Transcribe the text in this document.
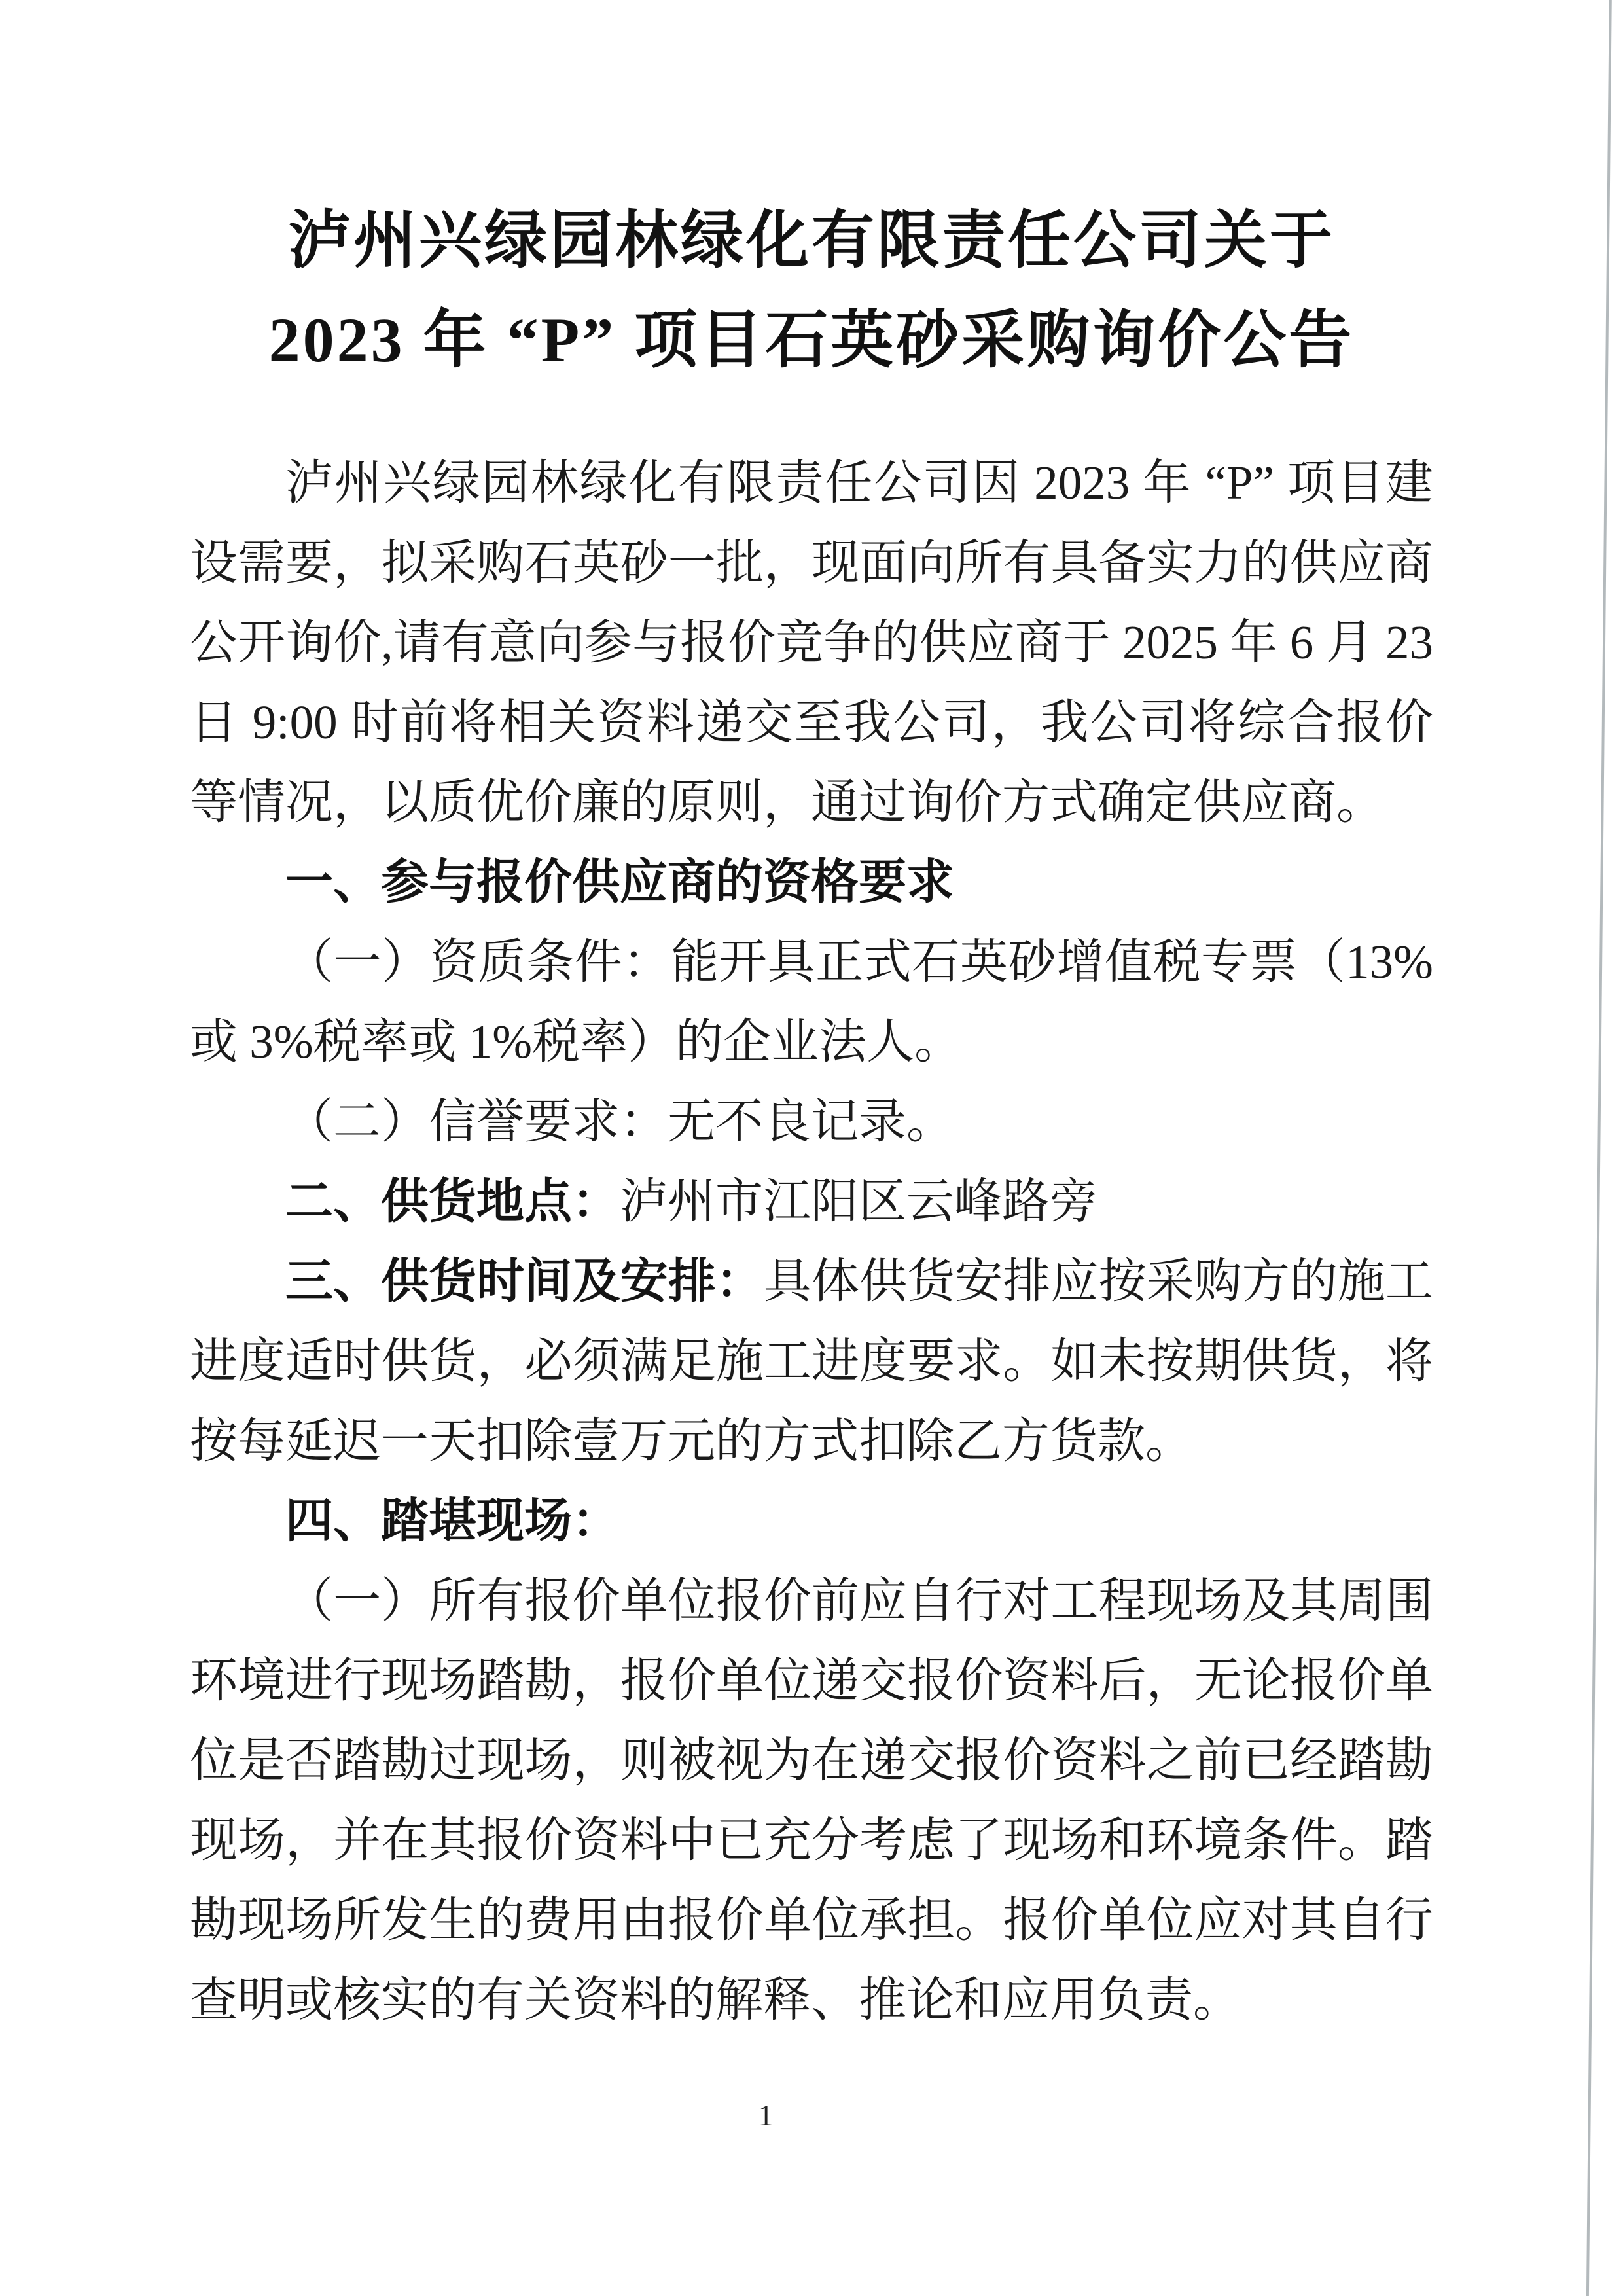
泸州兴绿园林绿化有限责任公司关于
2023 年 “P” 项目石英砂采购询价公告

泸州兴绿园林绿化有限责任公司因 2023 年 “P” 项目建设需要，拟采购石英砂一批，现面向所有具备实力的供应商公开询价,请有意向参与报价竞争的供应商于 2025 年 6 月 23 日 9:00 时前将相关资料递交至我公司，我公司将综合报价等情况，以质优价廉的原则，通过询价方式确定供应商。

一、参与报价供应商的资格要求

（一）资质条件：能开具正式石英砂增值税专票（13%或 3%税率或 1%税率）的企业法人。

（二）信誉要求：无不良记录。

二、供货地点：泸州市江阳区云峰路旁

三、供货时间及安排：具体供货安排应按采购方的施工进度适时供货，必须满足施工进度要求。如未按期供货，将按每延迟一天扣除壹万元的方式扣除乙方货款。

四、踏堪现场：

（一）所有报价单位报价前应自行对工程现场及其周围环境进行现场踏勘，报价单位递交报价资料后，无论报价单位是否踏勘过现场，则被视为在递交报价资料之前已经踏勘现场，并在其报价资料中已充分考虑了现场和环境条件。踏勘现场所发生的费用由报价单位承担。报价单位应对其自行查明或核实的有关资料的解释、推论和应用负责。

1
